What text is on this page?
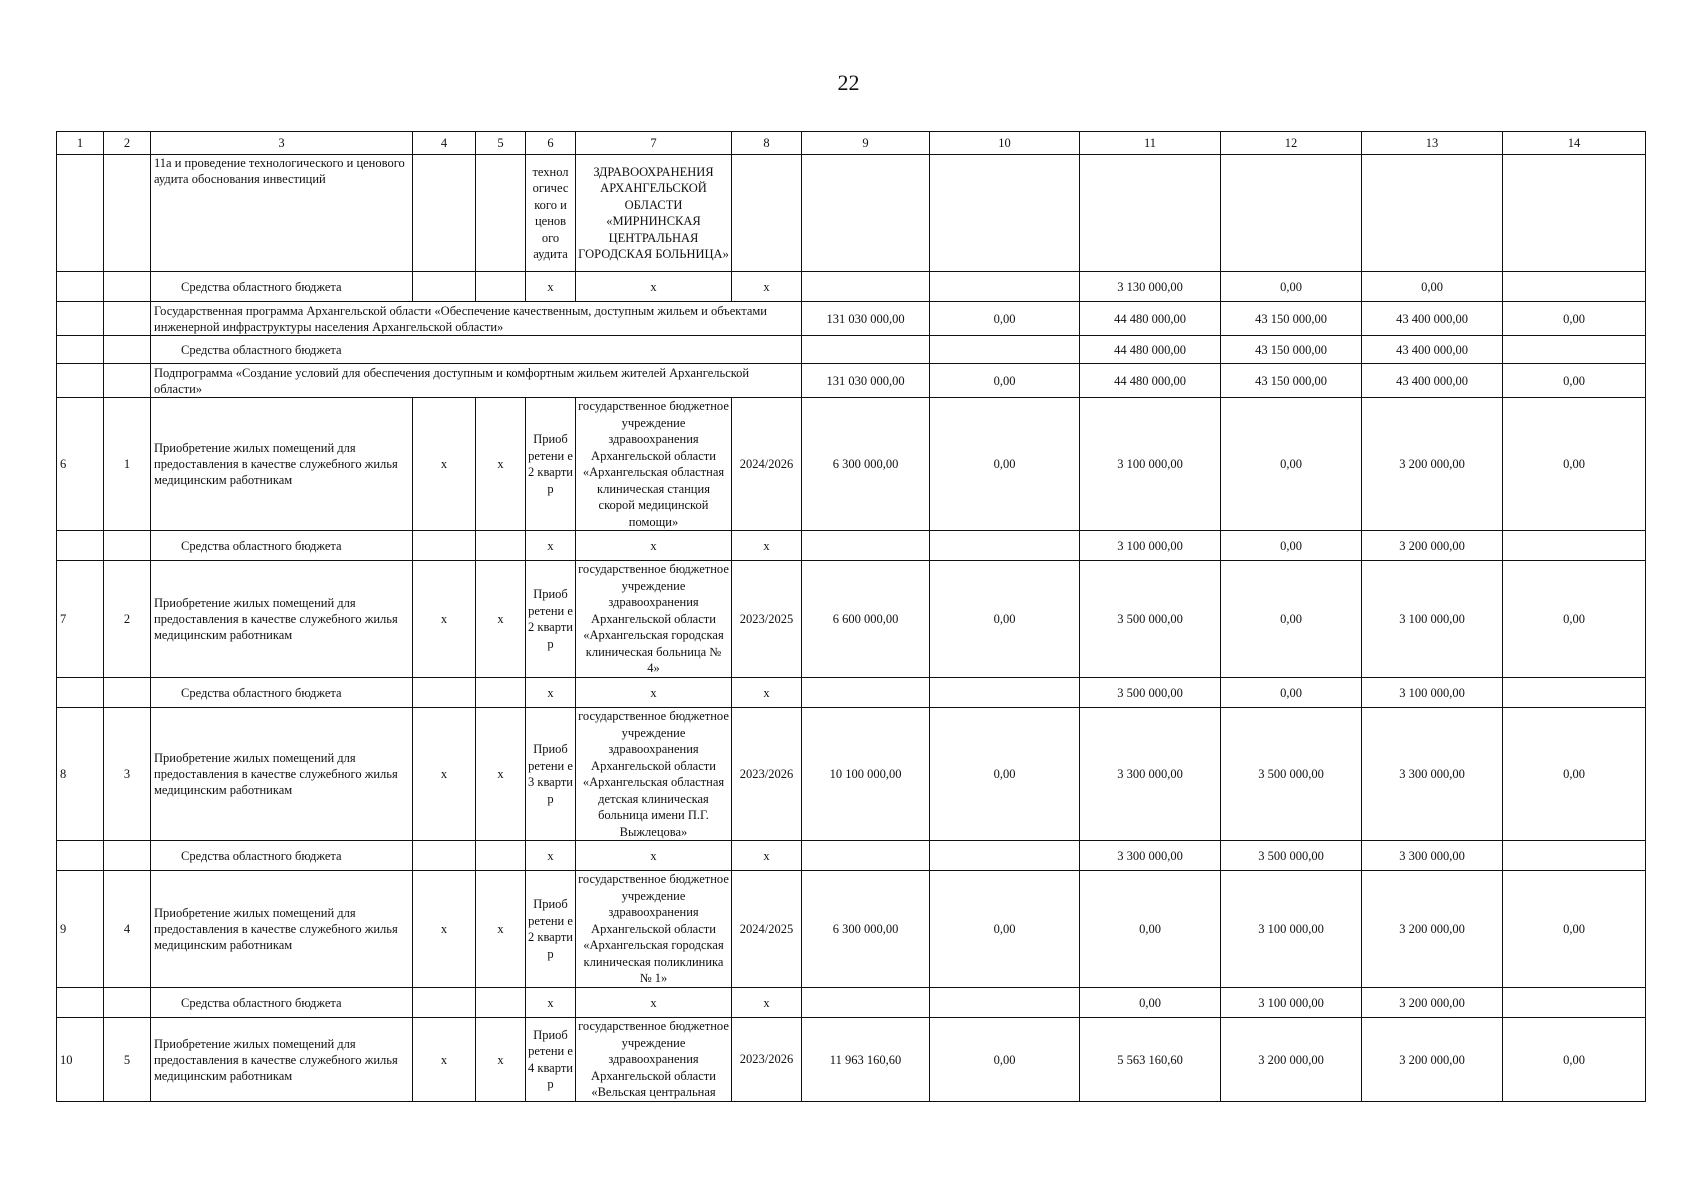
22
1	2	3	4	5	6	7	8	9	10	11	12	13	14
		11а и проведение технологического и ценового аудита обоснования инвестиций			технол огичес кого и ценов ого аудита	ЗДРАВООХРАНЕНИЯ АРХАНГЕЛЬСКОЙ ОБЛАСТИ «МИРНИНСКАЯ ЦЕНТРАЛЬНАЯ ГОРОДСКАЯ БОЛЬНИЦА»							
		Средства областного бюджета			х	х	х			3 130 000,00	0,00	0,00	
		Государственная программа Архангельской области «Обеспечение качественным, доступным жильем и объектами инженерной инфраструктуры населения Архангельской области»						131 030 000,00	0,00	44 480 000,00	43 150 000,00	43 400 000,00	0,00
		Средства областного бюджета								44 480 000,00	43 150 000,00	43 400 000,00	
		Подпрограмма «Создание условий для обеспечения доступным и комфортным жильем жителей Архангельской области»						131 030 000,00	0,00	44 480 000,00	43 150 000,00	43 400 000,00	0,00
6	1	Приобретение жилых помещений для предоставления в качестве служебного жилья медицинским работникам	х	х	Приоб ретени е 2 кварти р	государственное бюджетное учреждение здравоохранения Архангельской области «Архангельская областная клиническая станция скорой медицинской помощи»	2024/2026	6 300 000,00	0,00	3 100 000,00	0,00	3 200 000,00	0,00
		Средства областного бюджета			х	х	х			3 100 000,00	0,00	3 200 000,00	
7	2	Приобретение жилых помещений для предоставления в качестве служебного жилья медицинским работникам	х	х	Приоб ретени е 2 кварти р	государственное бюджетное учреждение здравоохранения Архангельской области «Архангельская городская клиническая больница № 4»	2023/2025	6 600 000,00	0,00	3 500 000,00	0,00	3 100 000,00	0,00
		Средства областного бюджета			х	х	х			3 500 000,00	0,00	3 100 000,00	
8	3	Приобретение жилых помещений для предоставления в качестве служебного жилья медицинским работникам	х	х	Приоб ретени е 3 кварти р	государственное бюджетное учреждение здравоохранения Архангельской области «Архангельская областная детская клиническая больница имени П.Г. Выжлецова»	2023/2026	10 100 000,00	0,00	3 300 000,00	3 500 000,00	3 300 000,00	0,00
		Средства областного бюджета			х	х	х			3 300 000,00	3 500 000,00	3 300 000,00	
9	4	Приобретение жилых помещений для предоставления в качестве служебного жилья медицинским работникам	х	х	Приоб ретени е 2 кварти р	государственное бюджетное учреждение здравоохранения Архангельской области «Архангельская городская клиническая поликлиника № 1»	2024/2025	6 300 000,00	0,00	0,00	3 100 000,00	3 200 000,00	0,00
		Средства областного бюджета			х	х	х			0,00	3 100 000,00	3 200 000,00	
10	5	Приобретение жилых помещений для предоставления в качестве служебного жилья медицинским работникам	х	х	Приоб ретени е 4 кварти р	государственное бюджетное учреждение здравоохранения Архангельской области «Вельская центральная	2023/2026	11 963 160,60	0,00	5 563 160,60	3 200 000,00	3 200 000,00	0,00
